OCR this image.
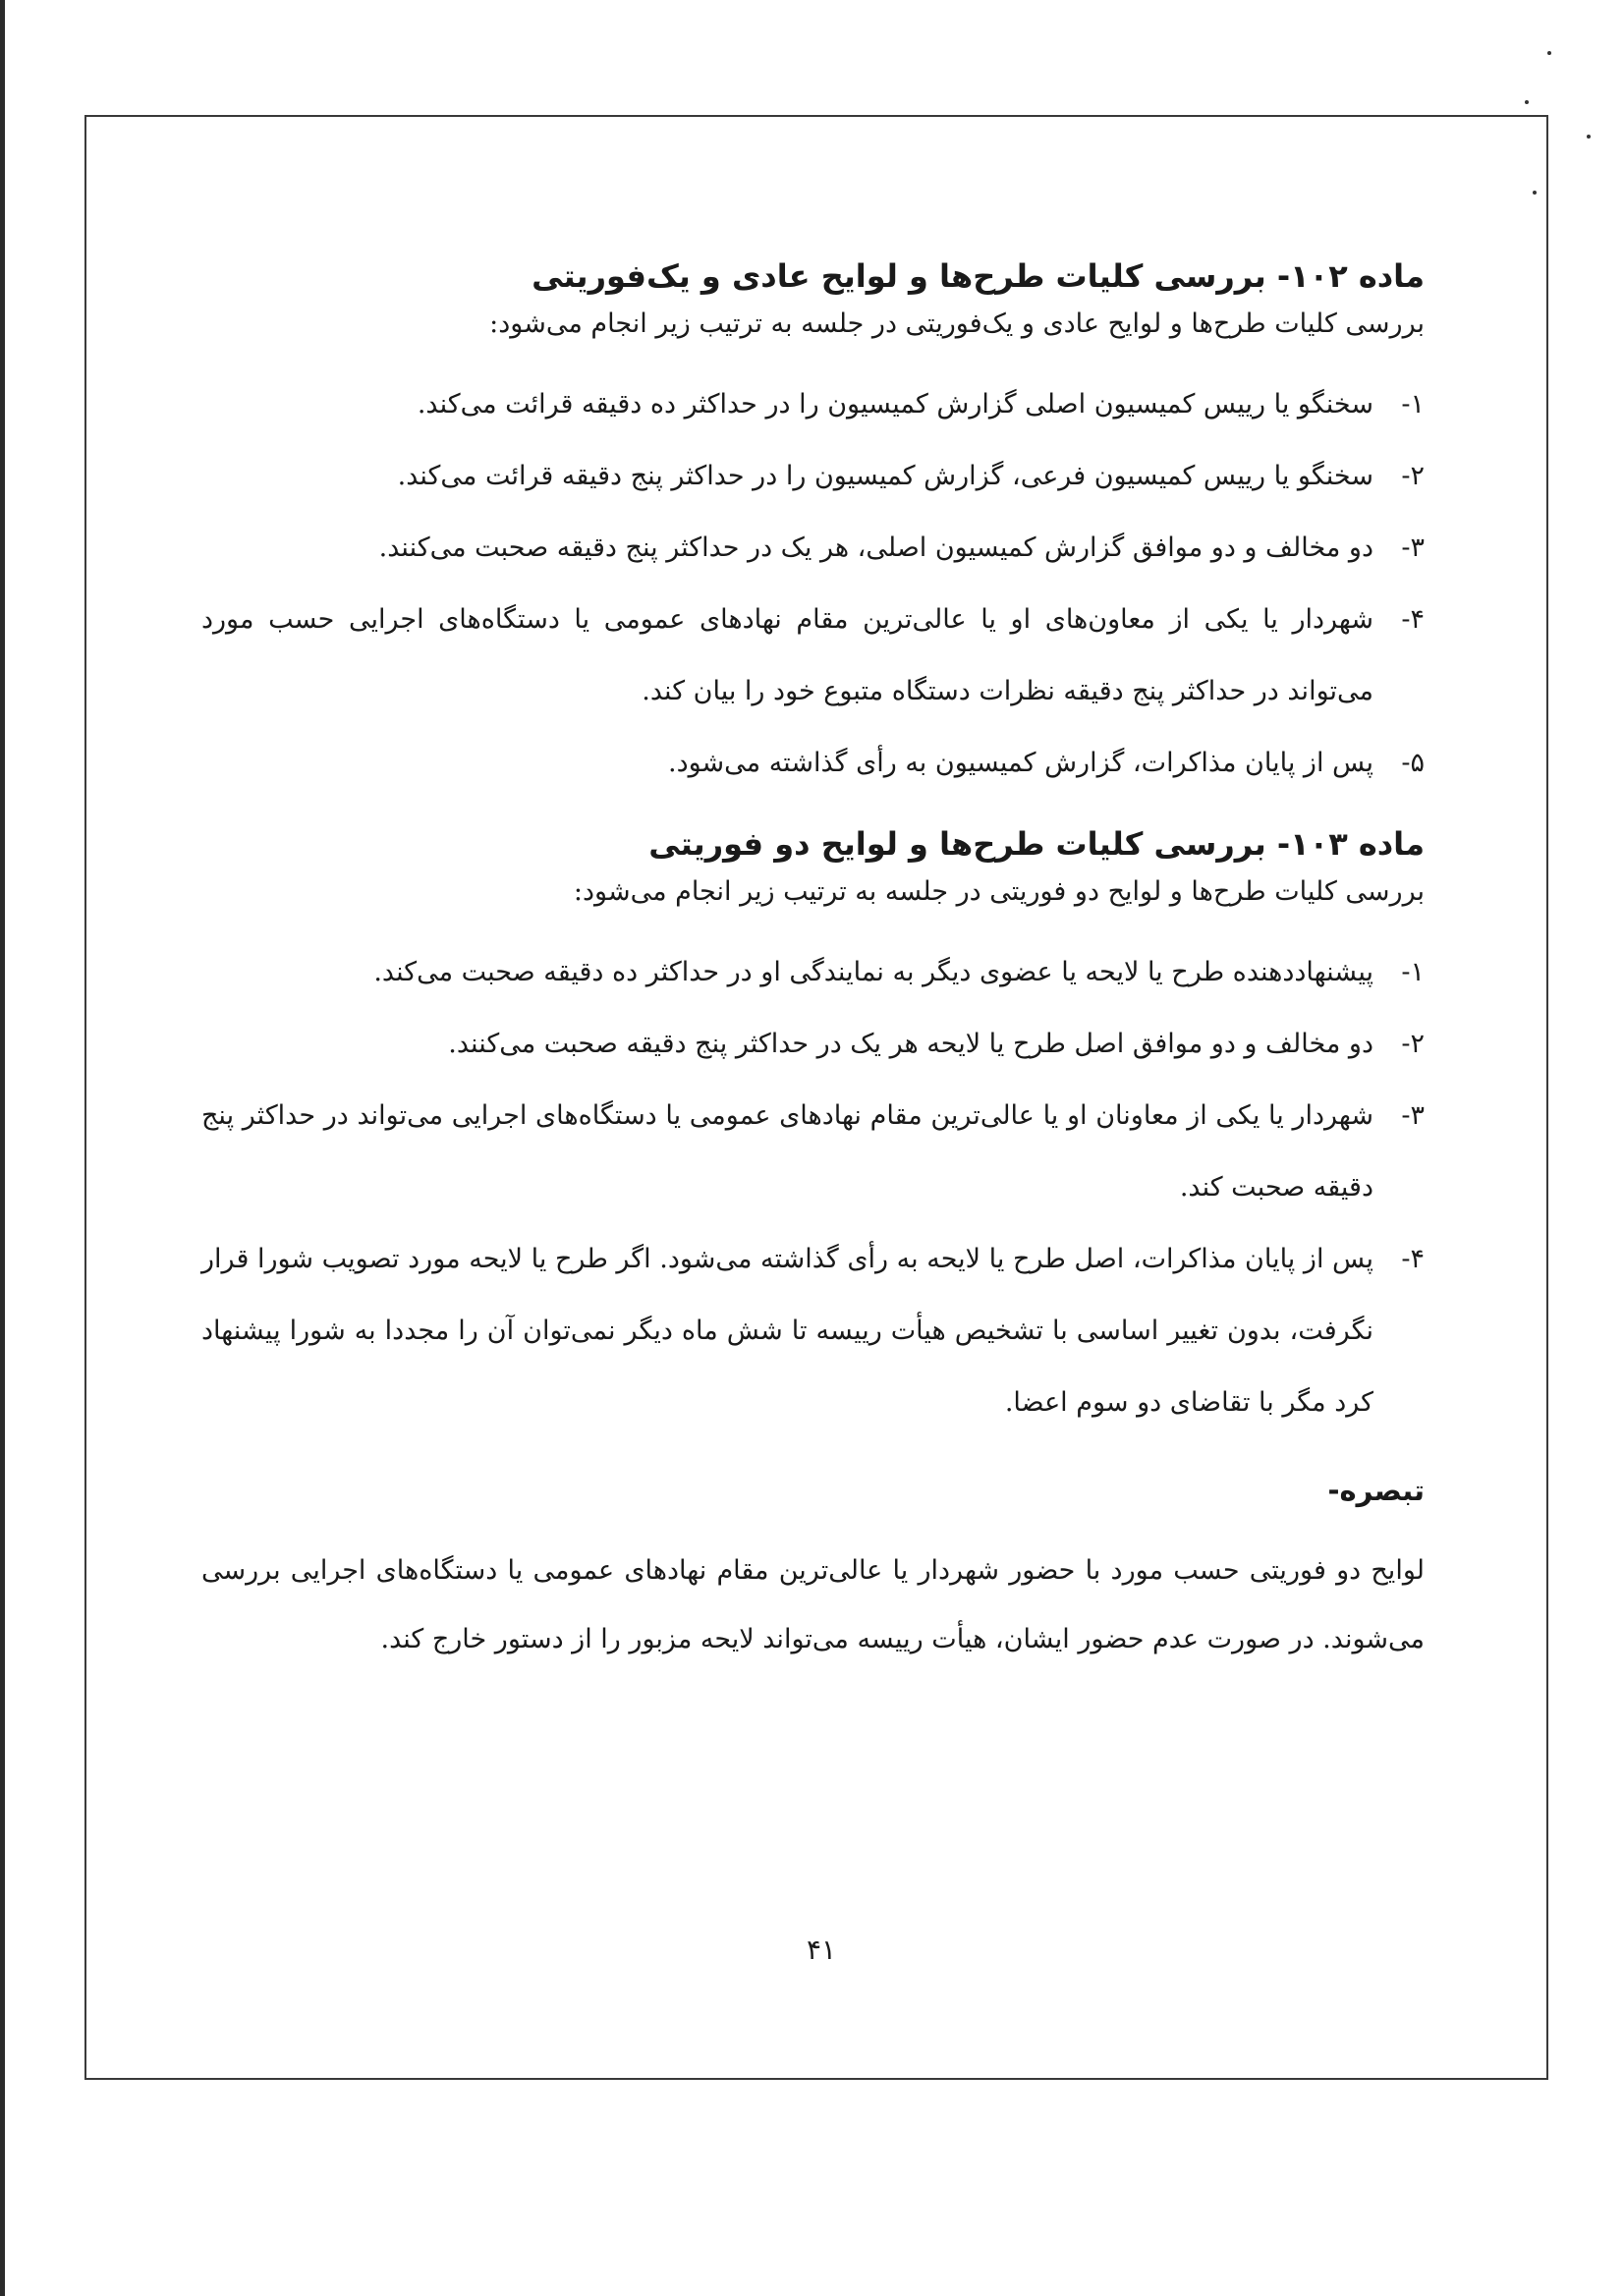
ماده ۱۰۲- بررسی کلیات طرح‌ها و لوایح عادی و یک‌فوریتی

بررسی کلیات طرح‌ها و لوایح عادی و یک‌فوریتی در جلسه به ترتیب زیر انجام می‌شود:

۱-
سخنگو یا رییس کمیسیون اصلی گزارش کمیسیون را در حداکثر ده دقیقه قرائت می‌کند.
۲-
سخنگو یا رییس کمیسیون فرعی، گزارش کمیسیون را در حداکثر پنج دقیقه قرائت می‌کند.
۳-
دو مخالف و دو موافق گزارش کمیسیون اصلی، هر یک در حداکثر پنج دقیقه صحبت می‌کنند.
۴-
شهردار یا یکی از معاون‌های او یا عالی‌ترین مقام نهادهای عمومی یا دستگاه‌های اجرایی حسب مورد می‌تواند در حداکثر پنج دقیقه نظرات دستگاه متبوع خود را بیان کند.
۵-
پس از پایان مذاکرات، گزارش کمیسیون به رأی گذاشته می‌شود.
ماده ۱۰۳- بررسی کلیات طرح‌ها و لوایح دو فوریتی

بررسی کلیات طرح‌ها و لوایح دو فوریتی در جلسه به ترتیب زیر انجام می‌شود:

۱-
پیشنهاددهنده طرح یا لایحه یا عضوی دیگر به نمایندگی او در حداکثر ده دقیقه صحبت می‌کند.
۲-
دو مخالف و دو موافق اصل طرح یا لایحه هر یک در حداکثر پنج دقیقه صحبت می‌کنند.
۳-
شهردار یا یکی از معاونان او یا عالی‌ترین مقام نهادهای عمومی یا دستگاه‌های اجرایی می‌تواند در حداکثر پنج دقیقه صحبت کند.
۴-
پس از پایان مذاکرات، اصل طرح یا لایحه به رأی گذاشته می‌شود. اگر طرح یا لایحه مورد تصویب شورا قرار نگرفت، بدون تغییر اساسی با تشخیص هیأت رییسه تا شش ماه دیگر نمی‌توان آن را مجددا به شورا پیشنهاد کرد مگر با تقاضای دو سوم اعضا.
تبصره-

لوایح دو فوریتی حسب مورد با حضور شهردار یا عالی‌ترین مقام نهادهای عمومی یا دستگاه‌های اجرایی بررسی می‌شوند. در صورت عدم حضور ایشان، هیأت رییسه می‌تواند لایحه مزبور را از دستور خارج کند.

۴۱
